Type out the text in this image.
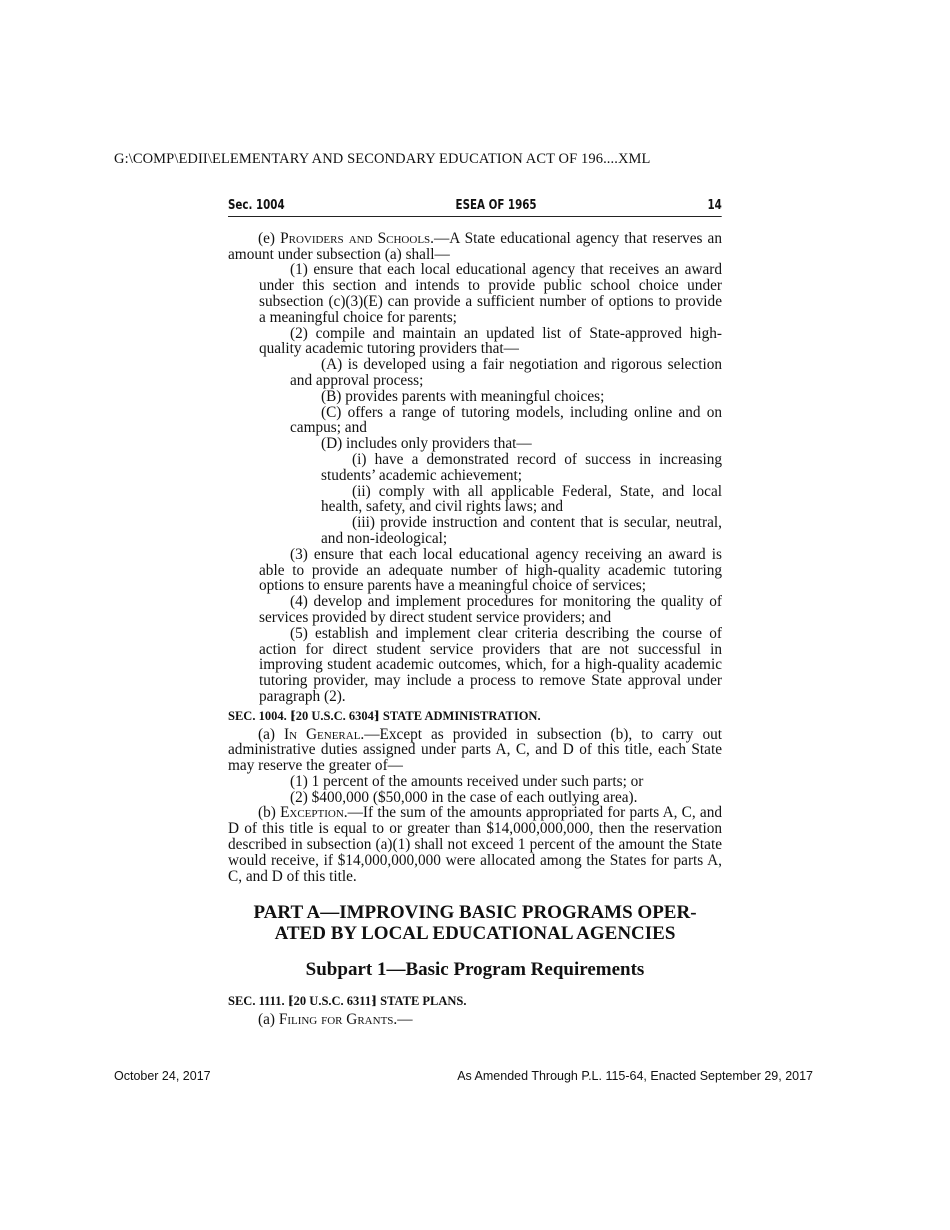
G:\COMP\EDII\ELEMENTARY AND SECONDARY EDUCATION ACT OF 196....XML
Sec. 1004	ESEA OF 1965	14

(e) Providers and Schools.—A State educational agency that reserves an amount under subsection (a) shall—

(1) ensure that each local educational agency that receives an award under this section and intends to provide public school choice under subsection (c)(3)(E) can provide a sufficient number of options to provide a meaningful choice for parents;

(2) compile and maintain an updated list of State-approved high-quality academic tutoring providers that—

(A) is developed using a fair negotiation and rigorous selection and approval process;

(B) provides parents with meaningful choices;

(C) offers a range of tutoring models, including online and on campus; and

(D) includes only providers that—

(i) have a demonstrated record of success in increasing students’ academic achievement;

(ii) comply with all applicable Federal, State, and local health, safety, and civil rights laws; and

(iii) provide instruction and content that is secular, neutral, and non-ideological;

(3) ensure that each local educational agency receiving an award is able to provide an adequate number of high-quality academic tutoring options to ensure parents have a meaningful choice of services;

(4) develop and implement procedures for monitoring the quality of services provided by direct student service providers; and

(5) establish and implement clear criteria describing the course of action for direct student service providers that are not successful in improving student academic outcomes, which, for a high-quality academic tutoring provider, may include a process to remove State approval under paragraph (2).

SEC. 1004. ⁅20 U.S.C. 6304⁆ STATE ADMINISTRATION.

(a) In General.—Except as provided in subsection (b), to carry out administrative duties assigned under parts A, C, and D of this title, each State may reserve the greater of—

(1) 1 percent of the amounts received under such parts; or

(2) $400,000 ($50,000 in the case of each outlying area).

(b) Exception.—If the sum of the amounts appropriated for parts A, C, and D of this title is equal to or greater than $14,000,000,000, then the reservation described in subsection (a)(1) shall not exceed 1 percent of the amount the State would receive, if $14,000,000,000 were allocated among the States for parts A, C, and D of this title.

PART A—IMPROVING BASIC PROGRAMS OPER-
ATED BY LOCAL EDUCATIONAL AGENCIES
Subpart 1—Basic Program Requirements

SEC. 1111. ⁅20 U.S.C. 6311⁆ STATE PLANS.

(a) Filing for Grants.—

October 24, 2017	As Amended Through P.L. 115-64, Enacted September 29, 2017
